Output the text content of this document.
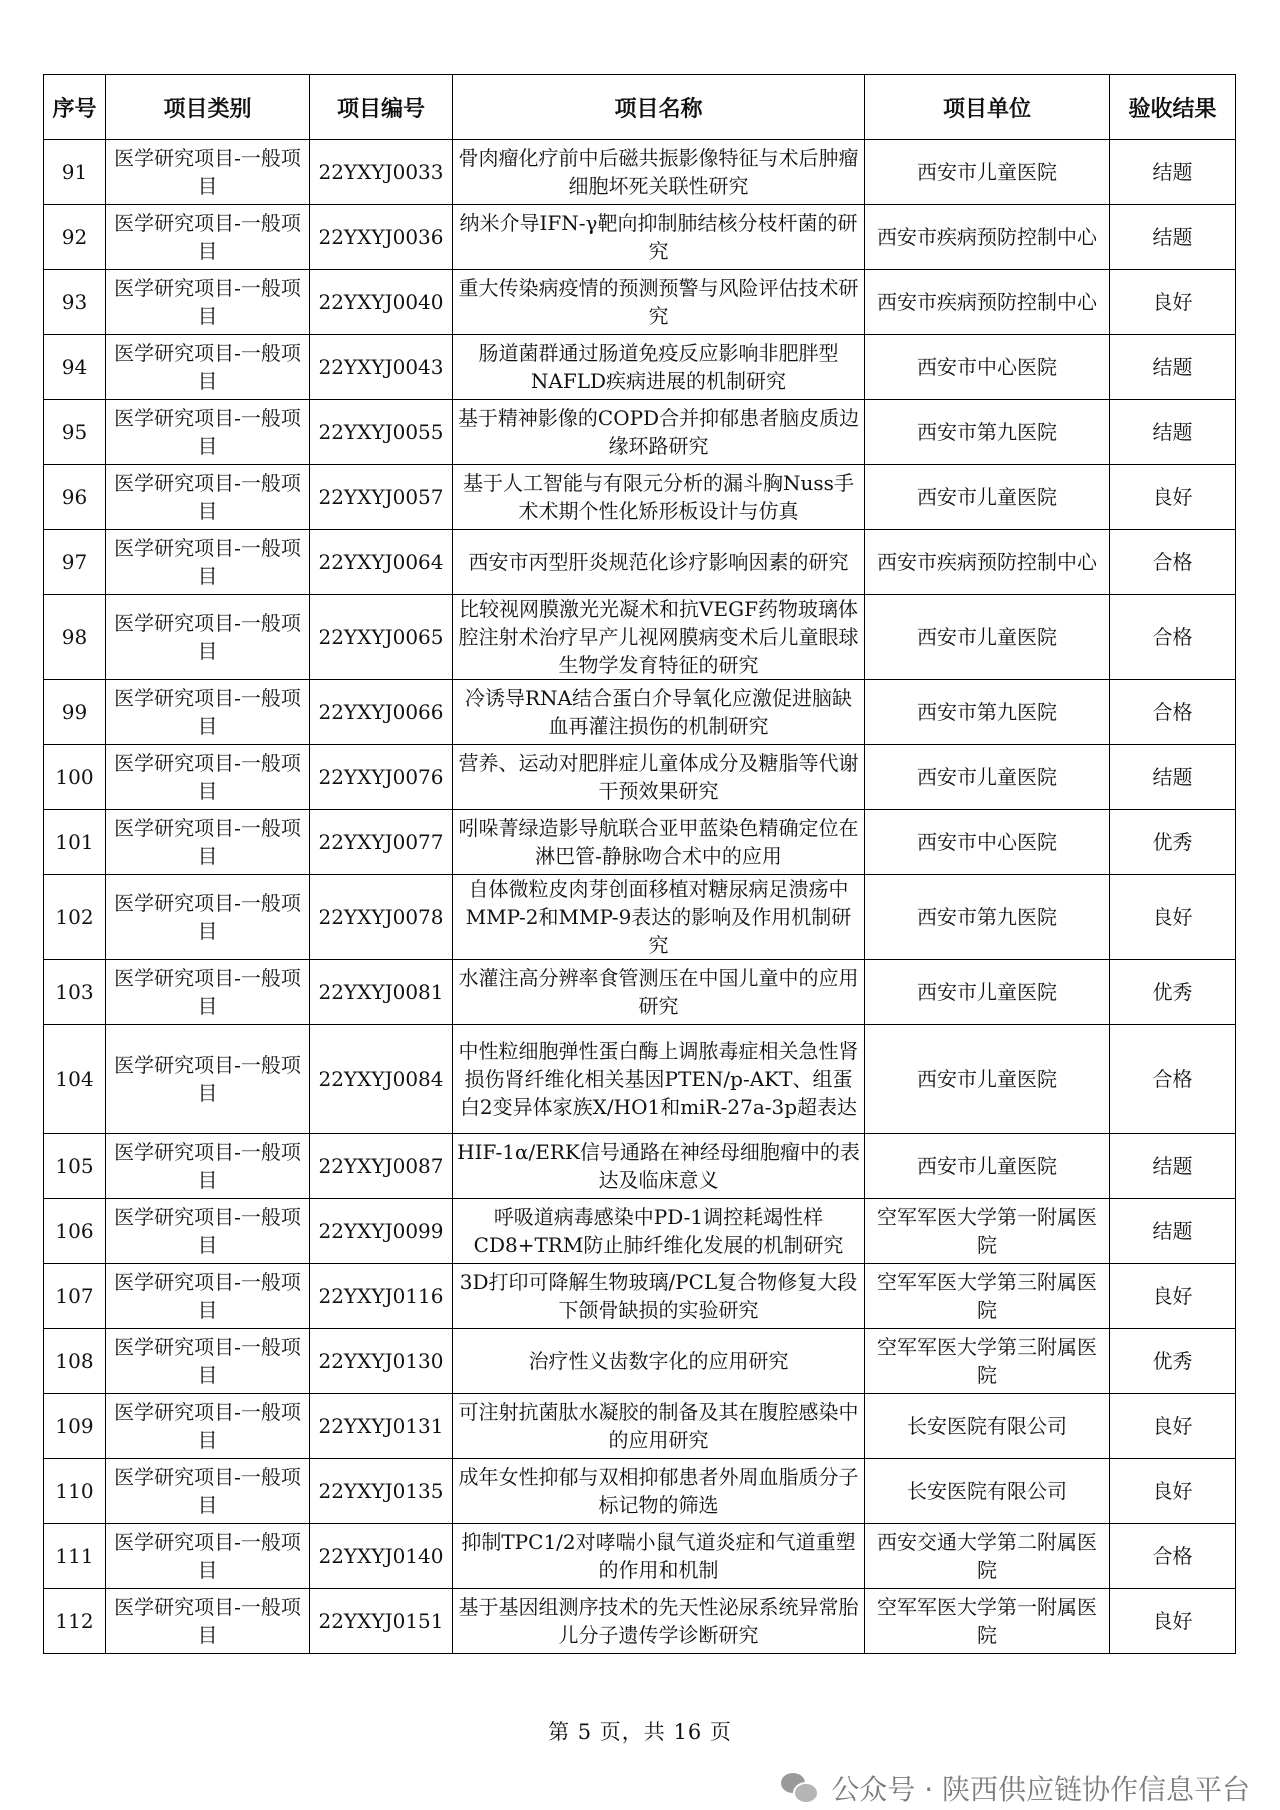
序号	项目类别	项目编号	项目名称	项目单位	验收结果
91	医学研究项目-一般项目	22YXYJ0033	骨肉瘤化疗前中后磁共振影像特征与术后肿瘤细胞坏死关联性研究	西安市儿童医院	结题
92	医学研究项目-一般项目	22YXYJ0036	纳米介导IFN-γ靶向抑制肺结核分枝杆菌的研究	西安市疾病预防控制中心	结题
93	医学研究项目-一般项目	22YXYJ0040	重大传染病疫情的预测预警与风险评估技术研究	西安市疾病预防控制中心	良好
94	医学研究项目-一般项目	22YXYJ0043	肠道菌群通过肠道免疫反应影响非肥胖型NAFLD疾病进展的机制研究	西安市中心医院	结题
95	医学研究项目-一般项目	22YXYJ0055	基于精神影像的COPD合并抑郁患者脑皮质边缘环路研究	西安市第九医院	结题
96	医学研究项目-一般项目	22YXYJ0057	基于人工智能与有限元分析的漏斗胸Nuss手术术期个性化矫形板设计与仿真	西安市儿童医院	良好
97	医学研究项目-一般项目	22YXYJ0064	西安市丙型肝炎规范化诊疗影响因素的研究	西安市疾病预防控制中心	合格
98	医学研究项目-一般项目	22YXYJ0065	比较视网膜激光光凝术和抗VEGF药物玻璃体腔注射术治疗早产儿视网膜病变术后儿童眼球生物学发育特征的研究	西安市儿童医院	合格
99	医学研究项目-一般项目	22YXYJ0066	冷诱导RNA结合蛋白介导氧化应激促进脑缺血再灌注损伤的机制研究	西安市第九医院	合格
100	医学研究项目-一般项目	22YXYJ0076	营养、运动对肥胖症儿童体成分及糖脂等代谢干预效果研究	西安市儿童医院	结题
101	医学研究项目-一般项目	22YXYJ0077	吲哚菁绿造影导航联合亚甲蓝染色精确定位在淋巴管-静脉吻合术中的应用	西安市中心医院	优秀
102	医学研究项目-一般项目	22YXYJ0078	自体微粒皮肉芽创面移植对糖尿病足溃疡中MMP-2和MMP-9表达的影响及作用机制研究	西安市第九医院	良好
103	医学研究项目-一般项目	22YXYJ0081	水灌注高分辨率食管测压在中国儿童中的应用研究	西安市儿童医院	优秀
104	医学研究项目-一般项目	22YXYJ0084	中性粒细胞弹性蛋白酶上调脓毒症相关急性肾损伤肾纤维化相关基因PTEN/p-AKT、组蛋白2变异体家族X/HO1和miR-27a-3p超表达	西安市儿童医院	合格
105	医学研究项目-一般项目	22YXYJ0087	HIF-1α/ERK信号通路在神经母细胞瘤中的表达及临床意义	西安市儿童医院	结题
106	医学研究项目-一般项目	22YXYJ0099	呼吸道病毒感染中PD-1调控耗竭性样CD8+TRM防止肺纤维化发展的机制研究	空军军医大学第一附属医院	结题
107	医学研究项目-一般项目	22YXYJ0116	3D打印可降解生物玻璃/PCL复合物修复大段下颌骨缺损的实验研究	空军军医大学第三附属医院	良好
108	医学研究项目-一般项目	22YXYJ0130	治疗性义齿数字化的应用研究	空军军医大学第三附属医院	优秀
109	医学研究项目-一般项目	22YXYJ0131	可注射抗菌肽水凝胶的制备及其在腹腔感染中的应用研究	长安医院有限公司	良好
110	医学研究项目-一般项目	22YXYJ0135	成年女性抑郁与双相抑郁患者外周血脂质分子标记物的筛选	长安医院有限公司	良好
111	医学研究项目-一般项目	22YXYJ0140	抑制TPC1/2对哮喘小鼠气道炎症和气道重塑的作用和机制	西安交通大学第二附属医院	合格
112	医学研究项目-一般项目	22YXYJ0151	基于基因组测序技术的先天性泌尿系统异常胎儿分子遗传学诊断研究	空军军医大学第一附属医院	良好
第 5 页，共 16 页
公众号 · 陕西供应链协作信息平台
